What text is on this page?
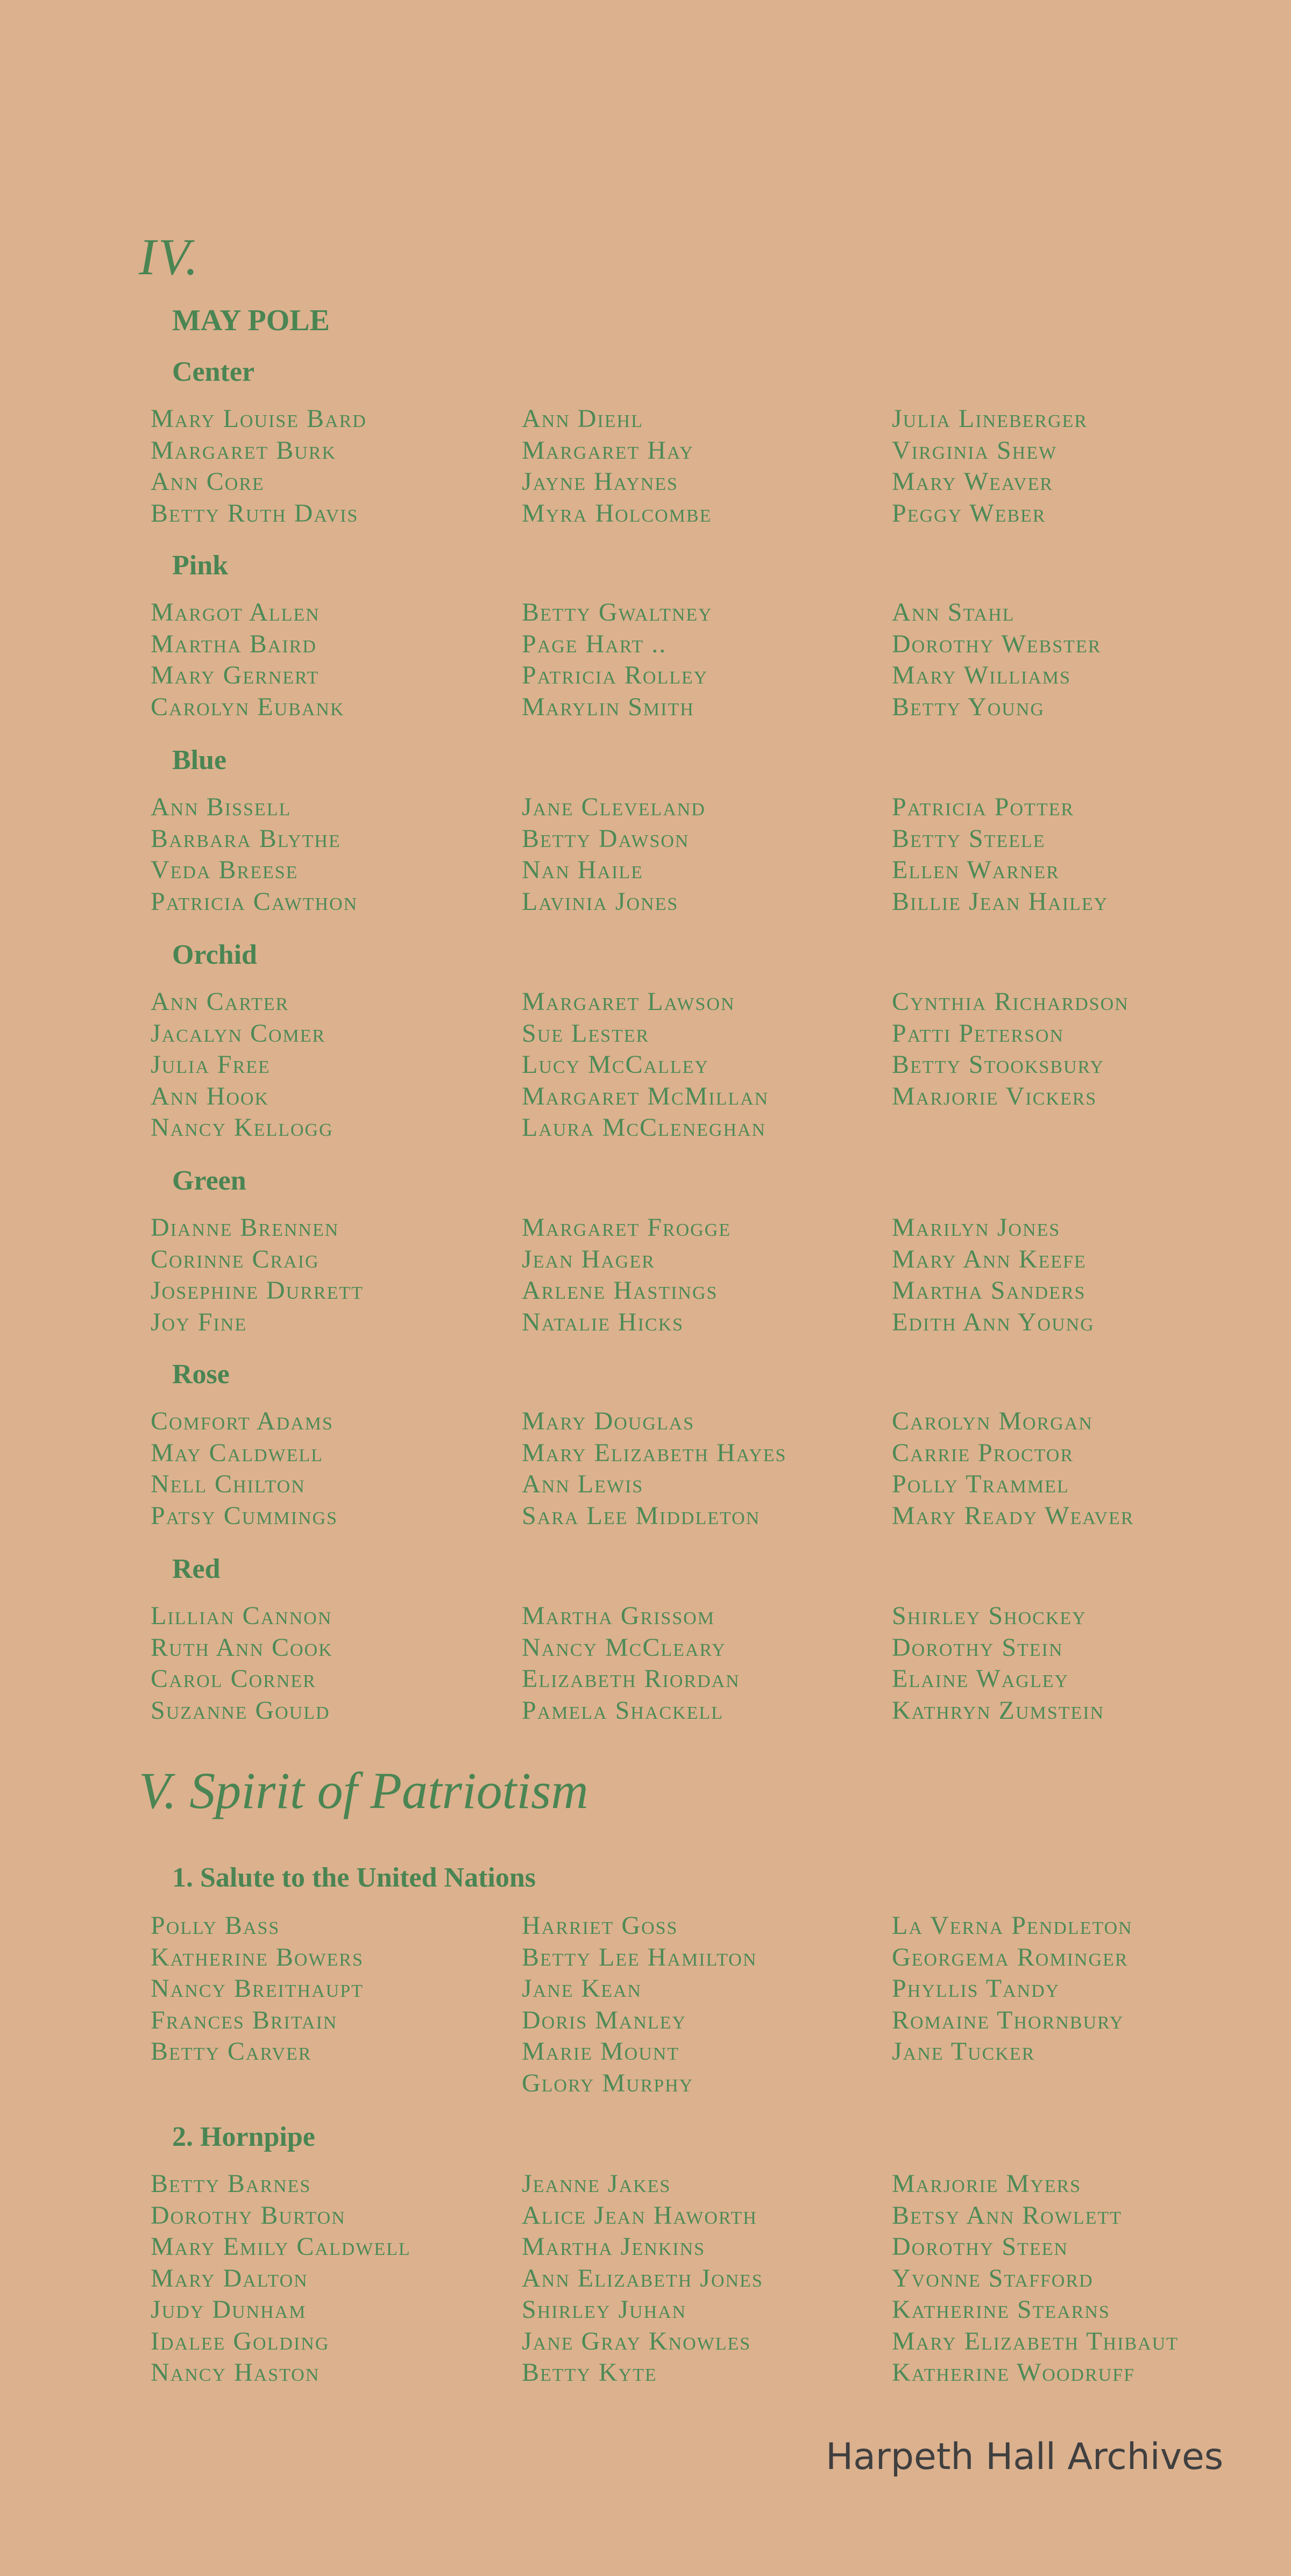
IV.
MAY POLE
Center
Mary Louise Bard
Margaret Burk
Ann Core
Betty Ruth Davis
Ann Diehl
Margaret Hay
Jayne Haynes
Myra Holcombe
Julia Lineberger
Virginia Shew
Mary Weaver
Peggy Weber
Pink
Margot Allen
Martha Baird
Mary Gernert
Carolyn Eubank
Betty Gwaltney
Page Hart ..
Patricia Rolley
Marylin Smith
Ann Stahl
Dorothy Webster
Mary Williams
Betty Young
Blue
Ann Bissell
Barbara Blythe
Veda Breese
Patricia Cawthon
Jane Cleveland
Betty Dawson
Nan Haile
Lavinia Jones
Patricia Potter
Betty Steele
Ellen Warner
Billie Jean Hailey
Orchid
Ann Carter
Jacalyn Comer
Julia Free
Ann Hook
Nancy Kellogg
Margaret Lawson
Sue Lester
Lucy McCalley
Margaret McMillan
Laura McCleneghan
Cynthia Richardson
Patti Peterson
Betty Stooksbury
Marjorie Vickers
Green
Dianne Brennen
Corinne Craig
Josephine Durrett
Joy Fine
Margaret Frogge
Jean Hager
Arlene Hastings
Natalie Hicks
Marilyn Jones
Mary Ann Keefe
Martha Sanders
Edith Ann Young
Rose
Comfort Adams
May Caldwell
Nell Chilton
Patsy Cummings
Mary Douglas
Mary Elizabeth Hayes
Ann Lewis
Sara Lee Middleton
Carolyn Morgan
Carrie Proctor
Polly Trammel
Mary Ready Weaver
Red
Lillian Cannon
Ruth Ann Cook
Carol Corner
Suzanne Gould
Martha Grissom
Nancy McCleary
Elizabeth Riordan
Pamela Shackell
Shirley Shockey
Dorothy Stein
Elaine Wagley
Kathryn Zumstein
V. Spirit of Patriotism
1. Salute to the United Nations
Polly Bass
Katherine Bowers
Nancy Breithaupt
Frances Britain
Betty Carver
Harriet Goss
Betty Lee Hamilton
Jane Kean
Doris Manley
Marie Mount
Glory Murphy
La Verna Pendleton
Georgema Rominger
Phyllis Tandy
Romaine Thornbury
Jane Tucker
2. Hornpipe
Betty Barnes
Dorothy Burton
Mary Emily Caldwell
Mary Dalton
Judy Dunham
Idalee Golding
Nancy Haston
Jeanne Jakes
Alice Jean Haworth
Martha Jenkins
Ann Elizabeth Jones
Shirley Juhan
Jane Gray Knowles
Betty Kyte
Marjorie Myers
Betsy Ann Rowlett
Dorothy Steen
Yvonne Stafford
Katherine Stearns
Mary Elizabeth Thibaut
Katherine Woodruff
Harpeth Hall Archives
